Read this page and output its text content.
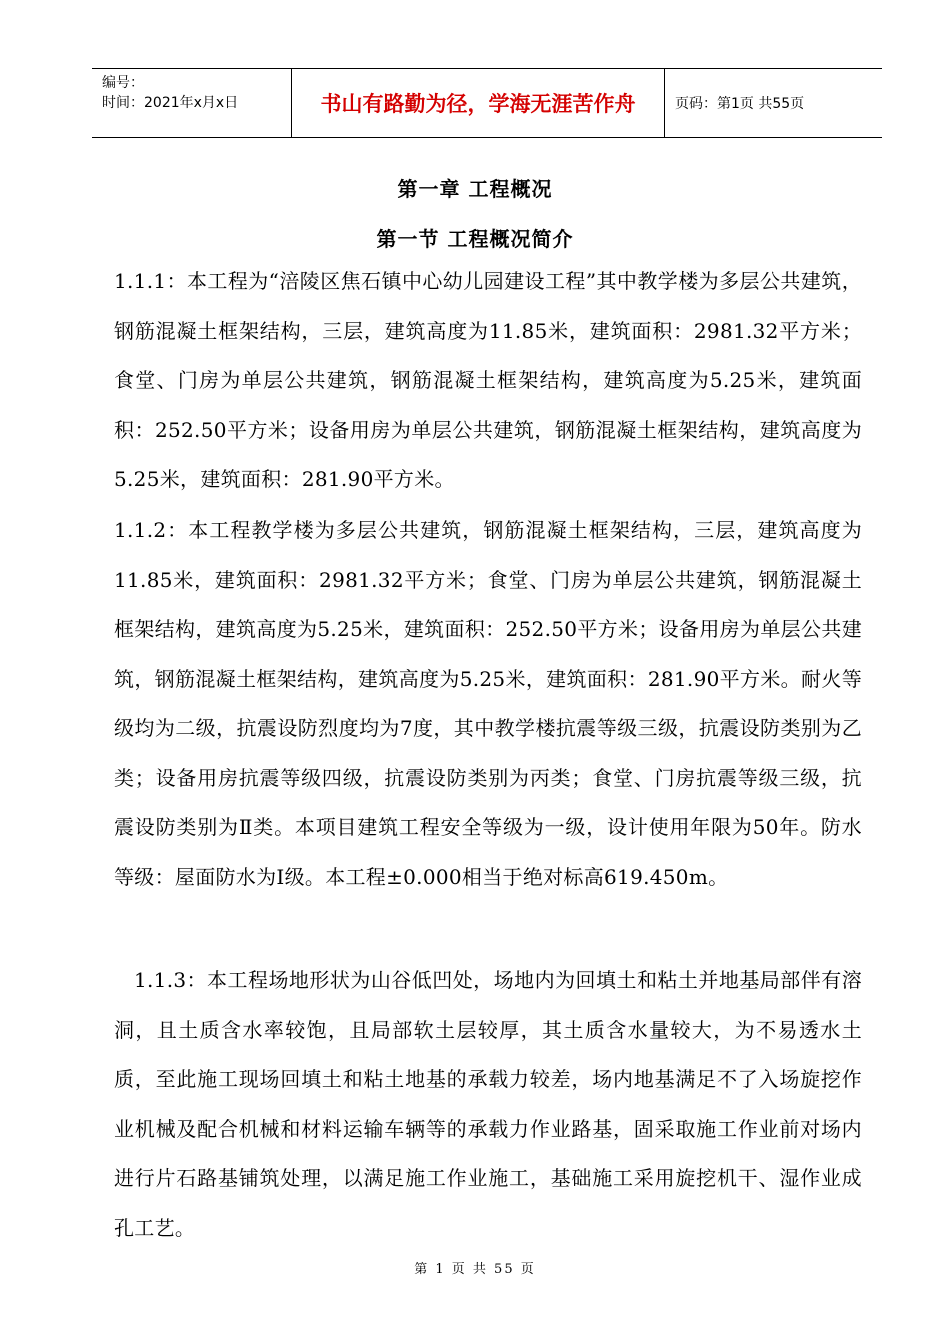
编号：
时间：2021年x月x日	书山有路勤为径，学海无涯苦作舟	页码：第1页 共55页
第一章 工程概况
第一节 工程概况简介
1.1.1：本工程为“涪陵区焦石镇中心幼儿园建设工程”其中教学楼为多层公共建筑，钢筋混凝土框架结构，三层，建筑高度为11.85米，建筑面积：2981.32平方米；食堂、门房为单层公共建筑，钢筋混凝土框架结构，建筑高度为5.25米，建筑面积：252.50平方米；设备用房为单层公共建筑，钢筋混凝土框架结构，建筑高度为5.25米，建筑面积：281.90平方米。
1.1.2：本工程教学楼为多层公共建筑，钢筋混凝土框架结构，三层，建筑高度为11.85米，建筑面积：2981.32平方米；食堂、门房为单层公共建筑，钢筋混凝土框架结构，建筑高度为5.25米，建筑面积：252.50平方米；设备用房为单层公共建筑，钢筋混凝土框架结构，建筑高度为5.25米，建筑面积：281.90平方米。耐火等级均为二级，抗震设防烈度均为7度，其中教学楼抗震等级三级，抗震设防类别为乙类；设备用房抗震等级四级，抗震设防类别为丙类；食堂、门房抗震等级三级，抗震设防类别为Ⅱ类。本项目建筑工程安全等级为一级，设计使用年限为50年。防水等级：屋面防水为Ⅰ级。本工程±0.000相当于绝对标高619.450m。
1.1.3：本工程场地形状为山谷低凹处，场地内为回填土和粘土并地基局部伴有溶洞，且土质含水率较饱，且局部软土层较厚，其土质含水量较大，为不易透水土质，至此施工现场回填土和粘土地基的承载力较差，场内地基满足不了入场旋挖作业机械及配合机械和材料运输车辆等的承载力作业路基，固采取施工作业前对场内进行片石路基铺筑处理，以满足施工作业施工，基础施工采用旋挖机干、湿作业成孔工艺。
第 1 页 共 55 页
